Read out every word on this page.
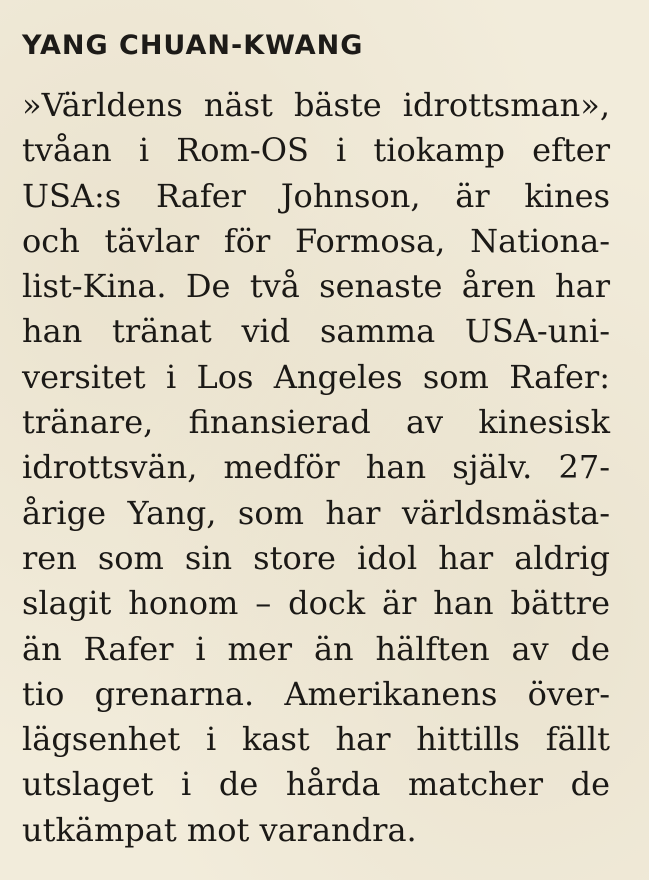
YANG CHUAN-KWANG
»Världens näst bäste idrottsman»,
tvåan i Rom-OS i tiokamp efter
USA:s Rafer Johnson, är kines
och tävlar för Formosa, Nationa-
list-Kina. De två senaste åren har
han tränat vid samma USA-uni-
versitet i Los Angeles som Rafer:
tränare, finansierad av kinesisk
idrottsvän, medför han själv. 27-
årige Yang, som har världsmästa-
ren som sin store idol har aldrig
slagit honom – dock är han bättre
än Rafer i mer än hälften av de
tio grenarna. Amerikanens över-
lägsenhet i kast har hittills fällt
utslaget i de hårda matcher de
utkämpat mot varandra.
